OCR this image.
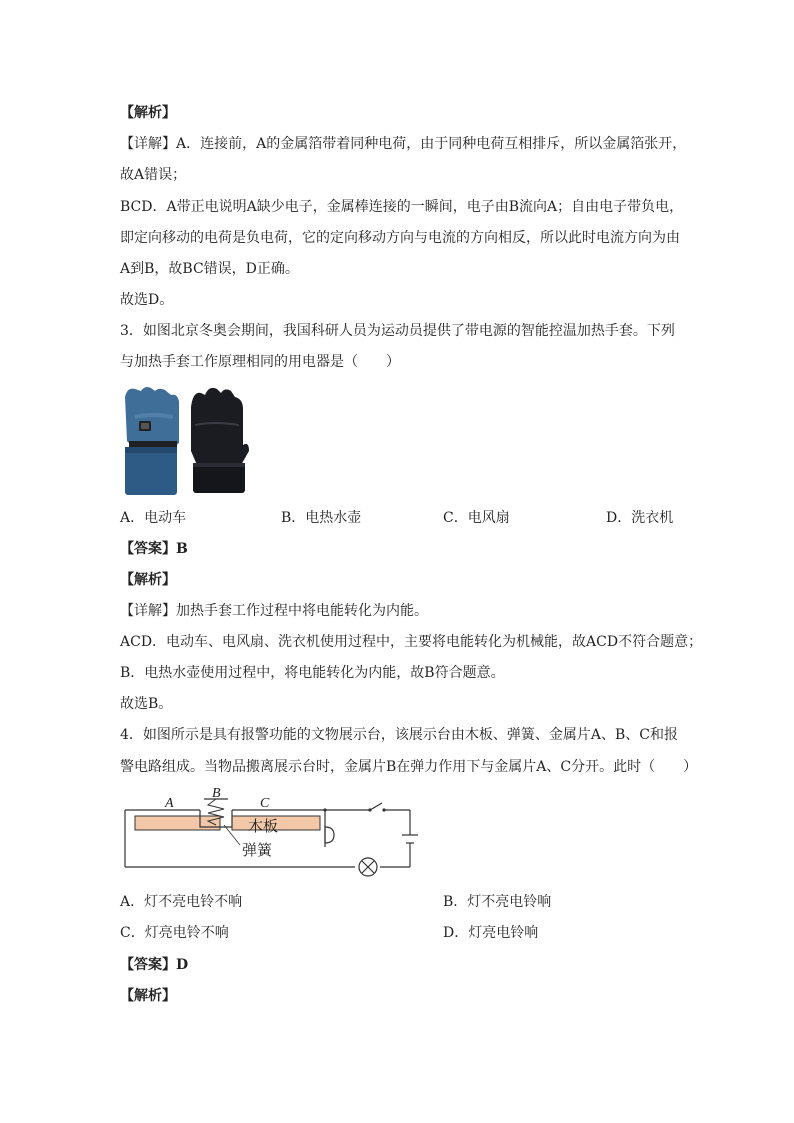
【解析】
【详解】A．连接前，A的金属箔带着同种电荷，由于同种电荷互相排斥，所以金属箔张开，
故A错误；
BCD．A带正电说明A缺少电子，金属棒连接的一瞬间，电子由B流向A；自由电子带负电，
即定向移动的电荷是负电荷，它的定向移动方向与电流的方向相反，所以此时电流方向为由
A到B，故BC错误，D正确。
故选D。
3．如图北京冬奥会期间，我国科研人员为运动员提供了带电源的智能控温加热手套。下列
与加热手套工作原理相同的用电器是（　　）
A．电动车	B．电热水壶	C．电风扇	D．洗衣机
【答案】B
【解析】
【详解】加热手套工作过程中将电能转化为内能。
ACD．电动车、电风扇、洗衣机使用过程中，主要将电能转化为机械能，故ACD不符合题意；
B．电热水壶使用过程中，将电能转化为内能，故B符合题意。
故选B。
4．如图所示是具有报警功能的文物展示台，该展示台由木板、弹簧、金属片A、B、C和报
警电路组成。当物品搬离展示台时，金属片B在弹力作用下与金属片A、C分开。此时（　　）
A
B
C
木板
弹簧
A．灯不亮电铃不响	B．灯不亮电铃响
C．灯亮电铃不响	D．灯亮电铃响
【答案】D
【解析】
